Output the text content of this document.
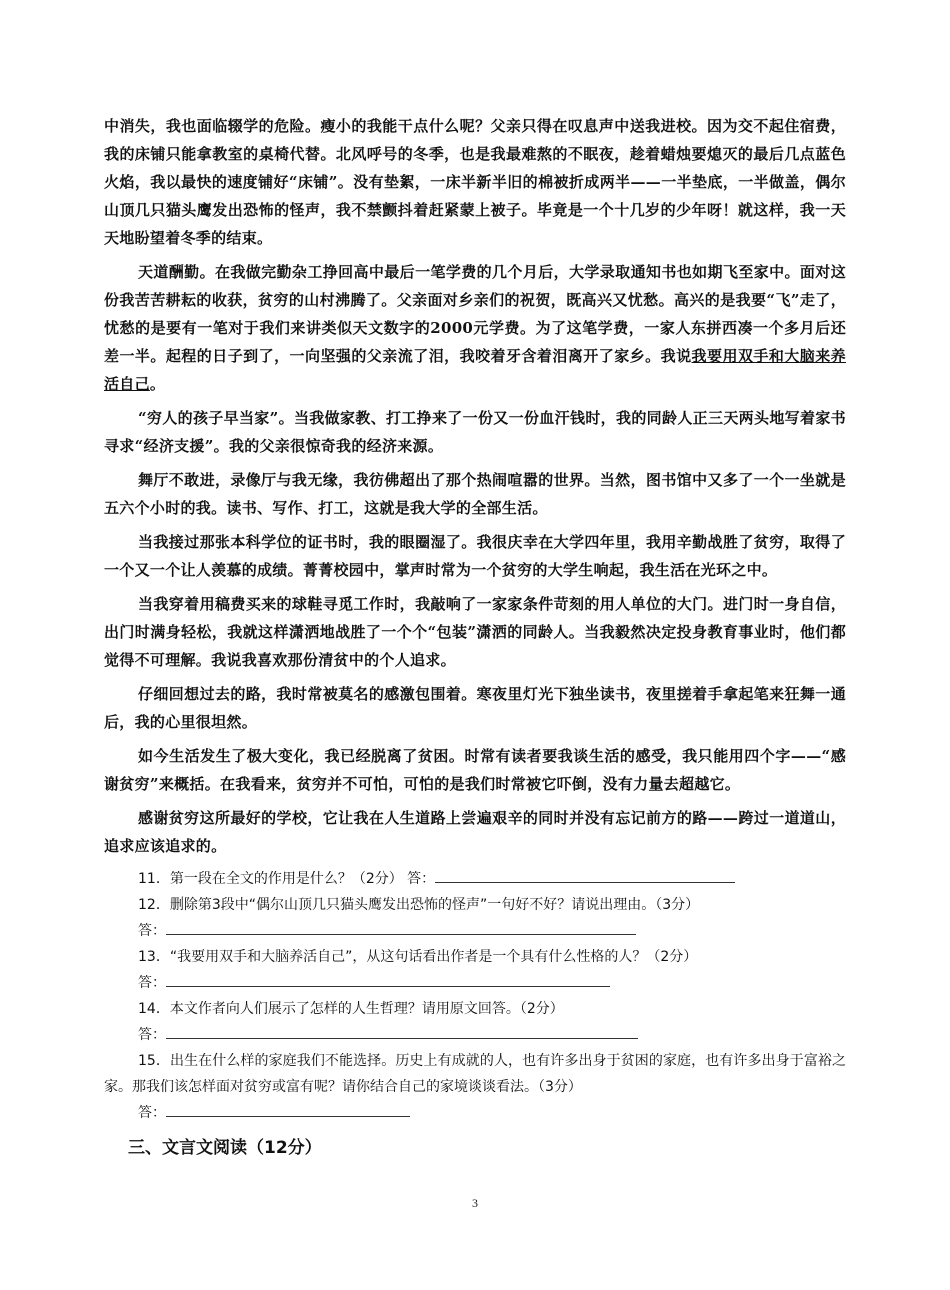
中消失，我也面临辍学的危险。瘦小的我能干点什么呢？父亲只得在叹息声中送我进校。因为交不起住宿费，我的床铺只能拿教室的桌椅代替。北风呼号的冬季，也是我最难熬的不眠夜，趁着蜡烛要熄灭的最后几点蓝色火焰，我以最快的速度铺好“床铺”。没有垫絮，一床半新半旧的棉被折成两半——一半垫底，一半做盖，偶尔山顶几只猫头鹰发出恐怖的怪声，我不禁颤抖着赶紧蒙上被子。毕竟是一个十几岁的少年呀！就这样，我一天天地盼望着冬季的结束。

天道酬勤。在我做完勤杂工挣回高中最后一笔学费的几个月后，大学录取通知书也如期飞至家中。面对这份我苦苦耕耘的收获，贫穷的山村沸腾了。父亲面对乡亲们的祝贺，既高兴又忧愁。高兴的是我要“飞”走了，忧愁的是要有一笔对于我们来讲类似天文数字的2000元学费。为了这笔学费，一家人东拼西凑一个多月后还差一半。起程的日子到了，一向坚强的父亲流了泪，我咬着牙含着泪离开了家乡。我说我要用双手和大脑来养活自己。

“穷人的孩子早当家”。当我做家教、打工挣来了一份又一份血汗钱时，我的同龄人正三天两头地写着家书寻求“经济支援”。我的父亲很惊奇我的经济来源。

舞厅不敢进，录像厅与我无缘，我彷佛超出了那个热闹喧嚣的世界。当然，图书馆中又多了一个一坐就是五六个小时的我。读书、写作、打工，这就是我大学的全部生活。

当我接过那张本科学位的证书时，我的眼圈湿了。我很庆幸在大学四年里，我用辛勤战胜了贫穷，取得了一个又一个让人羡慕的成绩。菁菁校园中，掌声时常为一个贫穷的大学生响起，我生活在光环之中。

当我穿着用稿费买来的球鞋寻觅工作时，我敲响了一家家条件苛刻的用人单位的大门。进门时一身自信，出门时满身轻松，我就这样潇洒地战胜了一个个“包装”潇洒的同龄人。当我毅然决定投身教育事业时，他们都觉得不可理解。我说我喜欢那份清贫中的个人追求。

仔细回想过去的路，我时常被莫名的感激包围着。寒夜里灯光下独坐读书，夜里搓着手拿起笔来狂舞一通后，我的心里很坦然。

如今生活发生了极大变化，我已经脱离了贫困。时常有读者要我谈生活的感受，我只能用四个字——“感谢贫穷”来概括。在我看来，贫穷并不可怕，可怕的是我们时常被它吓倒，没有力量去超越它。

感谢贫穷这所最好的学校，它让我在人生道路上尝遍艰辛的同时并没有忘记前方的路——跨过一道道山，追求应该追求的。

11．第一段在全文的作用是什么？（2分） 答：

12．删除第3段中“偶尔山顶几只猫头鹰发出恐怖的怪声”一句好不好？请说出理由。（3分）

答：

13．“我要用双手和大脑养活自己”，从这句话看出作者是一个具有什么性格的人？（2分）

答：

14．本文作者向人们展示了怎样的人生哲理？请用原文回答。（2分）

答：

15．出生在什么样的家庭我们不能选择。历史上有成就的人，也有许多出身于贫困的家庭，也有许多出身于富裕之家。那我们该怎样面对贫穷或富有呢？请你结合自己的家境谈谈看法。（3分）

答：

三、文言文阅读（12分）
3
